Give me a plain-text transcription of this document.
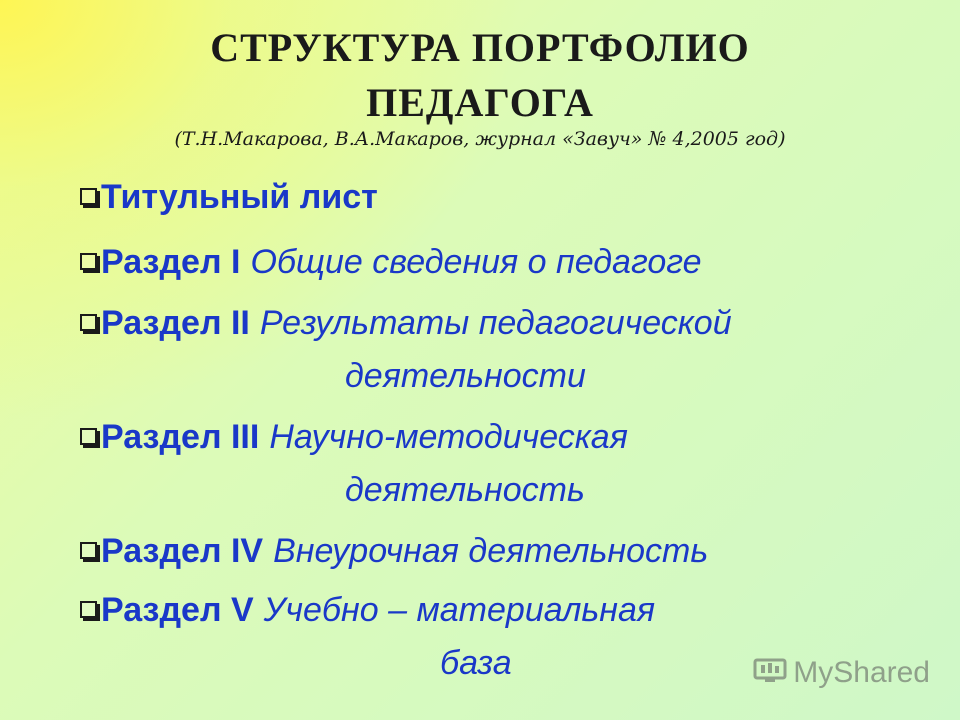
СТРУКТУРА ПОРТФОЛИО
ПЕДАГОГА
(Т.Н.Макарова, В.А.Макаров, журнал «Завуч» № 4,2005 год)
Титульный лист
Раздел I Общие сведения о педагоге
Раздел II Результаты педагогической
деятельности
Раздел III Научно-методическая
деятельность
Раздел IV Внеурочная деятельность
Раздел V Учебно – материальная
база	MyShared
